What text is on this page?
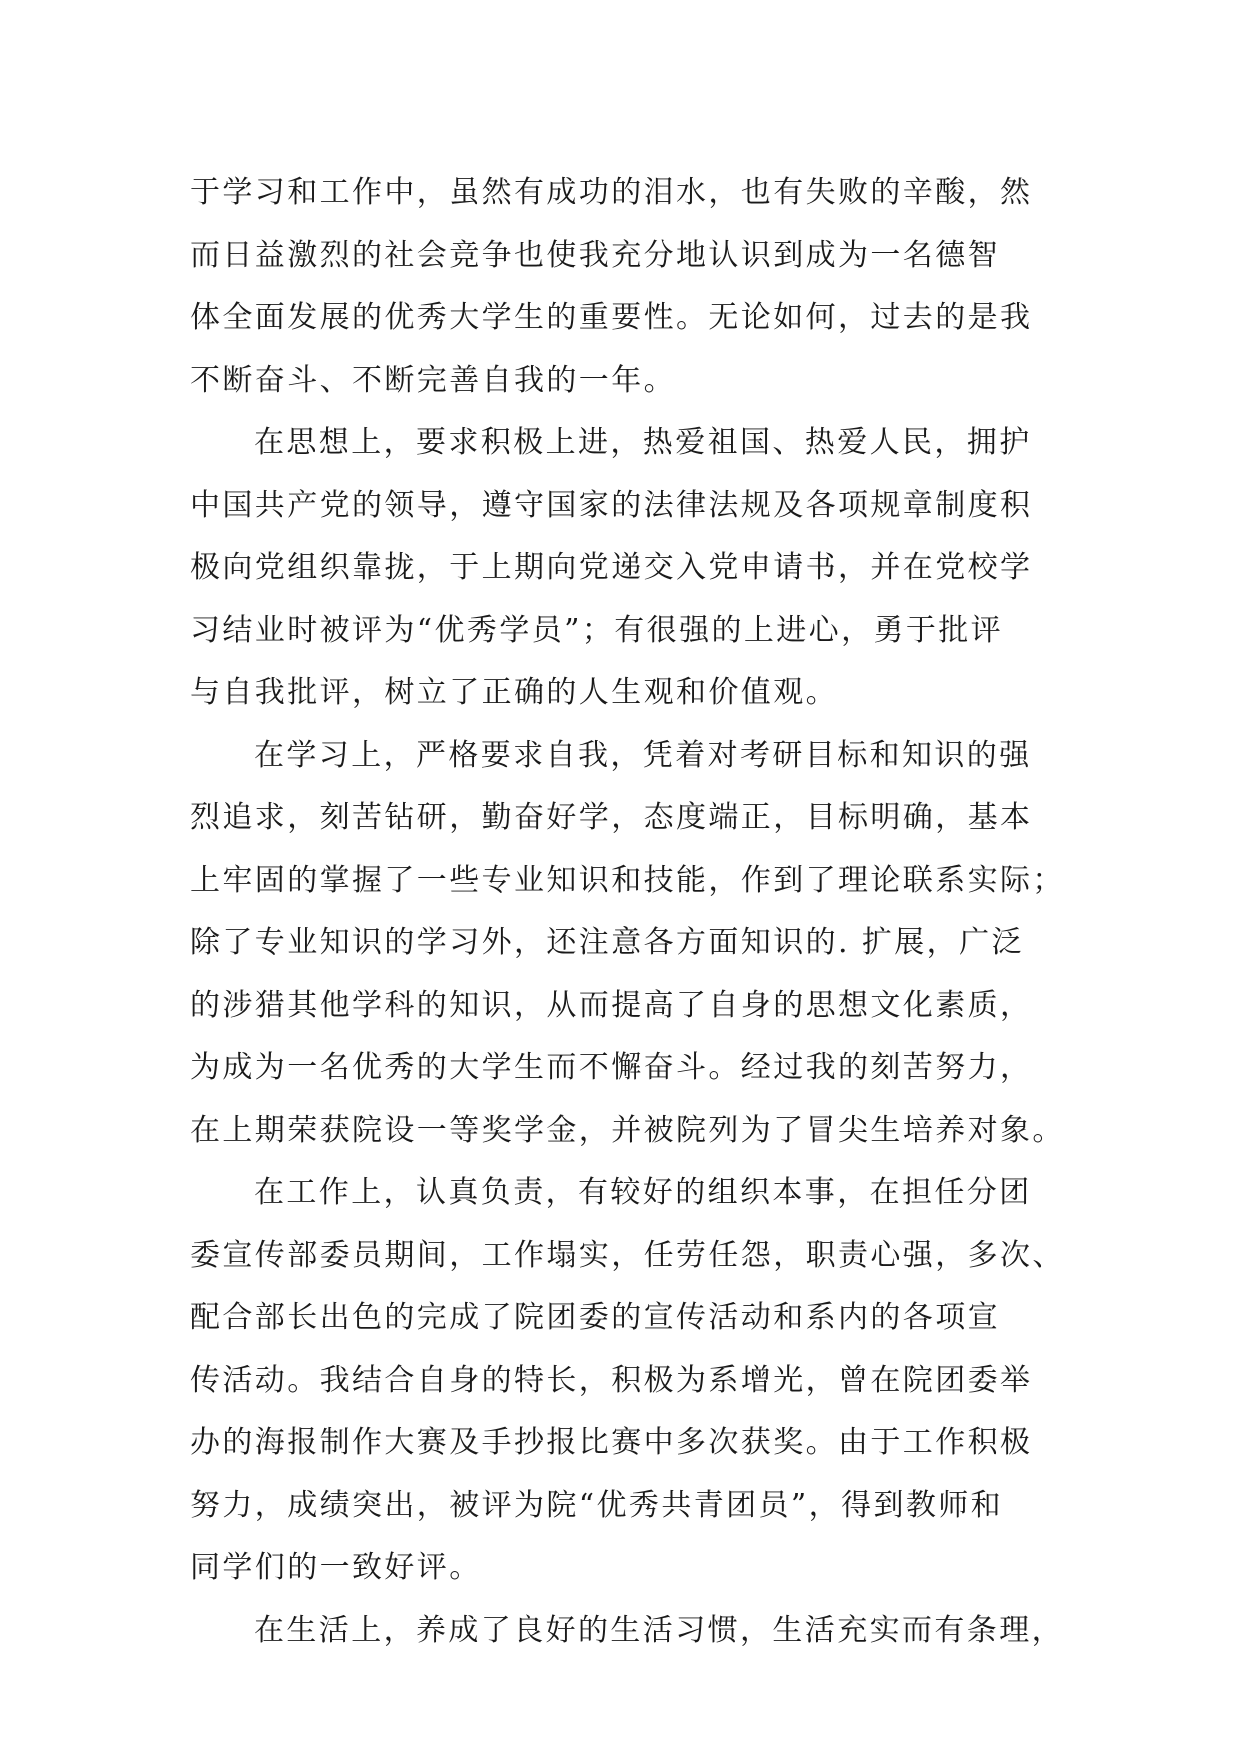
于学习和工作中，虽然有成功的泪水，也有失败的辛酸，然
而日益激烈的社会竞争也使我充分地认识到成为一名德智
体全面发展的优秀大学生的重要性。无论如何，过去的是我
不断奋斗、不断完善自我的一年。
在思想上，要求积极上进，热爱祖国、热爱人民，拥护
中国共产党的领导，遵守国家的法律法规及各项规章制度积
极向党组织靠拢，于上期向党递交入党申请书，并在党校学
习结业时被评为“优秀学员”；有很强的上进心，勇于批评
与自我批评，树立了正确的人生观和价值观。
在学习上，严格要求自我，凭着对考研目标和知识的强
烈追求，刻苦钻研，勤奋好学，态度端正，目标明确，基本
上牢固的掌握了一些专业知识和技能，作到了理论联系实际；
除了专业知识的学习外，还注意各方面知识的. 扩展，广泛
的涉猎其他学科的知识，从而提高了自身的思想文化素质，
为成为一名优秀的大学生而不懈奋斗。经过我的刻苦努力，
在上期荣获院设一等奖学金，并被院列为了冒尖生培养对象。
在工作上，认真负责，有较好的组织本事，在担任分团
委宣传部委员期间，工作塌实，任劳任怨，职责心强，多次、
配合部长出色的完成了院团委的宣传活动和系内的各项宣
传活动。我结合自身的特长，积极为系增光，曾在院团委举
办的海报制作大赛及手抄报比赛中多次获奖。由于工作积极
努力，成绩突出，被评为院“优秀共青团员”，得到教师和
同学们的一致好评。
在生活上，养成了良好的生活习惯，生活充实而有条理，
